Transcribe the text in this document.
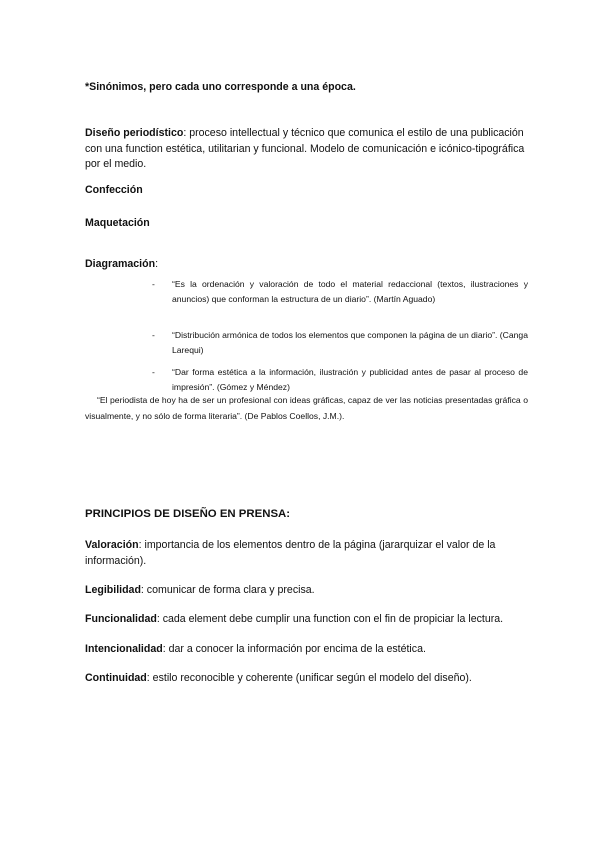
*Sinónimos, pero cada uno corresponde a una época.

Diseño periodístico: proceso intellectual y técnico que comunica el estilo de una publicación con una function estética, utilitarian y funcional. Modelo de comunicación e icónico-tipográfica por el medio.

Confección

Maquetación

Diagramación:

- “Es la ordenación y valoración de todo el material redaccional (textos, ilustraciones y anuncios) que conforman la estructura de un diario”. (Martín Aguado)
- “Distribución armónica de todos los elementos que componen la página de un diario”. (Canga Larequi)
- “Dar forma estética a la información, ilustración y publicidad antes de pasar al proceso de impresión”. (Gómez y Méndez)

“El periodista de hoy ha de ser un profesional con ideas gráficas, capaz de ver las noticias presentadas gráfica o visualmente, y no sólo de forma literaria”. (De Pablos Coellos, J.M.).

PRINCIPIOS DE DISEÑO EN PRENSA:

Valoración: importancia de los elementos dentro de la página (jararquizar el valor de la información).

Legibilidad: comunicar de forma clara y precisa.

Funcionalidad: cada element debe cumplir una function con el fin de propiciar la lectura.

Intencionalidad: dar a conocer la información por encima de la estética.

Continuidad: estilo reconocible y coherente (unificar según el modelo del diseño).
